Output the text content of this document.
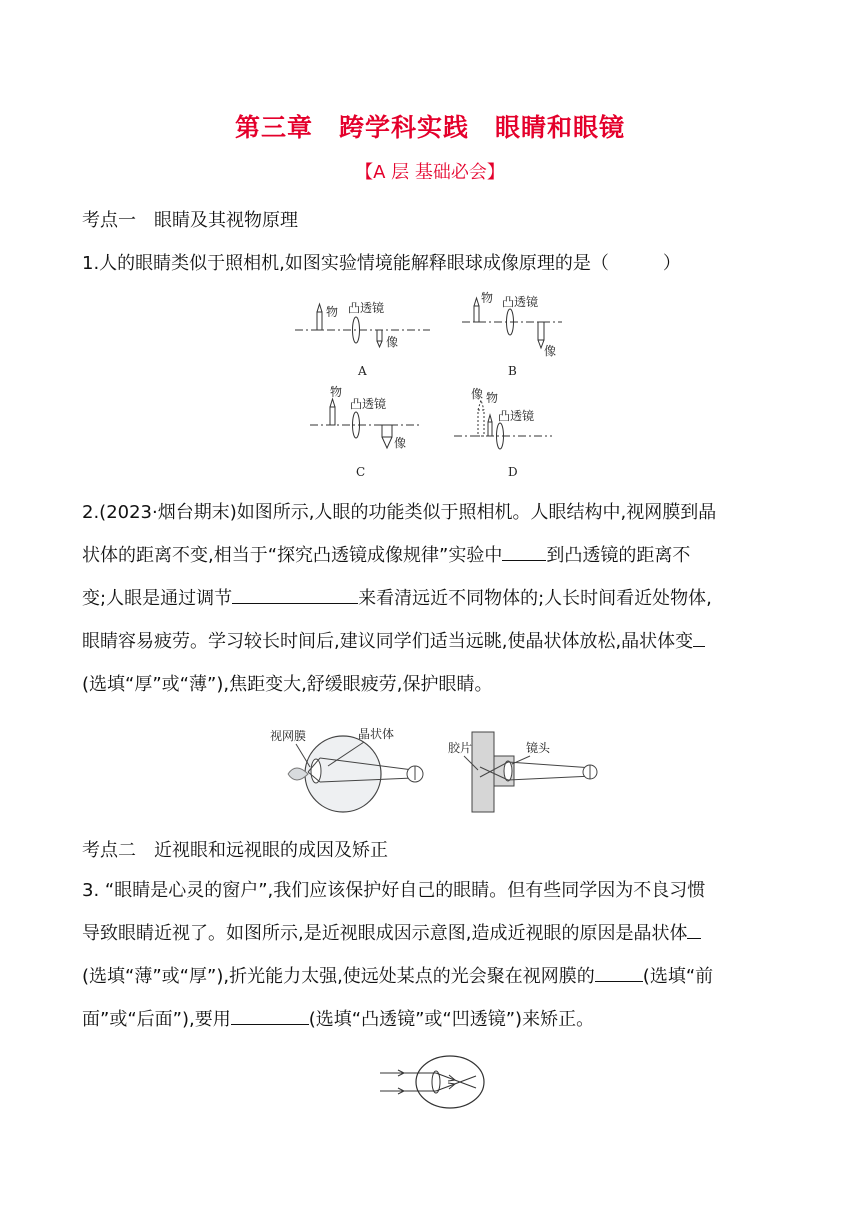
第三章　跨学科实践　眼睛和眼镜
【A 层 基础必会】
考点一　眼睛及其视物原理
1.人的眼睛类似于照相机,如图实验情境能解释眼球成像原理的是（　　　）
物 凸透镜
像
A
物 凸透镜
像
B
物
凸透镜
像
C
像 物
凸透镜
D
2.(2023·烟台期末)如图所示,人眼的功能类似于照相机。人眼结构中,视网膜到晶
状体的距离不变,相当于“探究凸透镜成像规律”实验中 到凸透镜的距离不
变;人眼是通过调节	来看清远近不同物体的;人长时间看近处物体,
眼睛容易疲劳。学习较长时间后,建议同学们适当远眺,使晶状体放松,晶状体变
(选填“厚”或“薄”),焦距变大,舒缓眼疲劳,保护眼睛。
视网膜	晶状体
胶片	镜头
考点二　近视眼和远视眼的成因及矫正
3. “眼睛是心灵的窗户”,我们应该保护好自己的眼睛。但有些同学因为不良习惯
导致眼睛近视了。如图所示,是近视眼成因示意图,造成近视眼的原因是晶状体
(选填“薄”或“厚”),折光能力太强,使远处某点的光会聚在视网膜的	(选填“前
面”或“后面”),要用	(选填“凸透镜”或“凹透镜”)来矫正。
